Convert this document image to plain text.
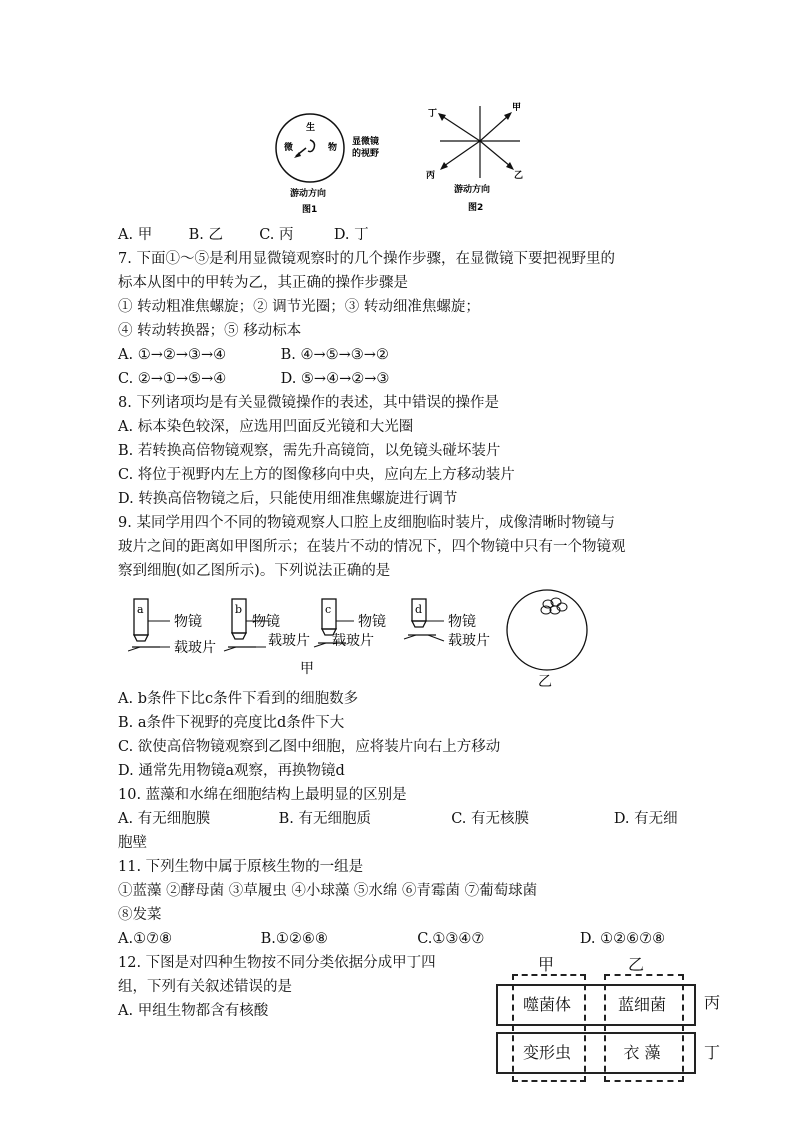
生
微	物
显微镜
的视野
游动方向
图1
丁
甲
丙	乙
游动方向
图2
A. 甲	B. 乙 C. 丙	D. 丁
7. 下面①～⑤是利用显微镜观察时的几个操作步骤，在显微镜下要把视野里的
标本从图中的甲转为乙，其正确的操作步骤是
① 转动粗准焦螺旋；② 调节光圈；③ 转动细准焦螺旋；
④ 转动转换器；⑤ 移动标本
A. ①→②→③→④	B. ④→⑤→③→②
C. ②→①→⑤→④	D. ⑤→④→②→③
8. 下列诸项均是有关显微镜操作的表述，其中错误的操作是
A. 标本染色较深，应选用凹面反光镜和大光圈
B. 若转换高倍物镜观察，需先升高镜筒，以免镜头碰坏装片
C. 将位于视野内左上方的图像移向中央，应向左上方移动装片
D. 转换高倍物镜之后，只能使用细准焦螺旋进行调节
9. 某同学用四个不同的物镜观察人口腔上皮细胞临时装片，成像清晰时物镜与
玻片之间的距离如甲图所示；在装片不动的情况下，四个物镜中只有一个物镜观
察到细胞(如乙图所示)。下列说法正确的是
a
物镜
载玻片
b
物镜
载玻片
c
物镜
载玻片
d
物镜
载玻片
甲
乙
A. b条件下比c条件下看到的细胞数多
B. a条件下视野的亮度比d条件下大
C. 欲使高倍物镜观察到乙图中细胞，应将装片向右上方移动
D. 通常先用物镜a观察，再换物镜d
10. 蓝藻和水绵在细胞结构上最明显的区别是
A. 有无细胞膜	B. 有无细胞质	C. 有无核膜	D. 有无细
胞壁
11. 下列生物中属于原核生物的一组是
①蓝藻 ②酵母菌 ③草履虫 ④小球藻 ⑤水绵 ⑥青霉菌 ⑦葡萄球菌
⑧发菜
A.①⑦⑧	B.①②⑥⑧	C.①③④⑦	D. ①②⑥⑦⑧
12. 下图是对四种生物按不同分类依据分成甲丁四
组，下列有关叙述错误的是
A. 甲组生物都含有核酸
甲	乙
噬菌体	蓝细菌
变形虫	衣 藻
丙
丁
